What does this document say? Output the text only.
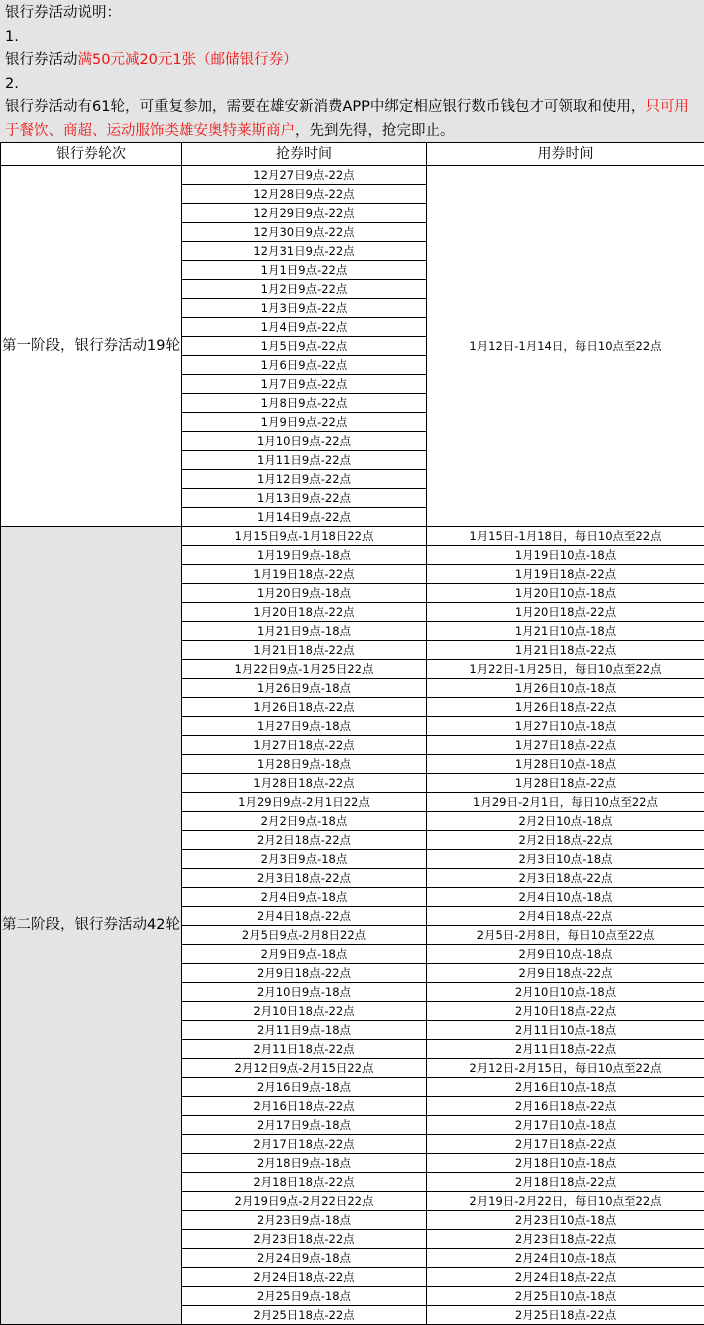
银行券活动说明：
1.
银行券活动满50元减20元1张（邮储银行券）
2.
银行券活动有61轮，可重复参加，需要在雄安新消费APP中绑定相应银行数币钱包才可领取和使用，只可用于餐饮、商超、运动服饰类雄安奥特莱斯商户，先到先得，抢完即止。
银行券轮次	抢券时间	用券时间
第一阶段，银行券活动19轮	12月27日9点-22点	1月12日-1月14日，每日10点至22点
	12月28日9点-22点	
	12月29日9点-22点	
	12月30日9点-22点	
	12月31日9点-22点	
	1月1日9点-22点	
	1月2日9点-22点	
	1月3日9点-22点	
	1月4日9点-22点	
	1月5日9点-22点	
	1月6日9点-22点	
	1月7日9点-22点	
	1月8日9点-22点	
	1月9日9点-22点	
	1月10日9点-22点	
	1月11日9点-22点	
	1月12日9点-22点	
	1月13日9点-22点	
	1月14日9点-22点	
第二阶段，银行券活动42轮	1月15日9点-1月18日22点	1月15日-1月18日，每日10点至22点
	1月19日9点-18点	1月19日10点-18点
	1月19日18点-22点	1月19日18点-22点
	1月20日9点-18点	1月20日10点-18点
	1月20日18点-22点	1月20日18点-22点
	1月21日9点-18点	1月21日10点-18点
	1月21日18点-22点	1月21日18点-22点
	1月22日9点-1月25日22点	1月22日-1月25日，每日10点至22点
	1月26日9点-18点	1月26日10点-18点
	1月26日18点-22点	1月26日18点-22点
	1月27日9点-18点	1月27日10点-18点
	1月27日18点-22点	1月27日18点-22点
	1月28日9点-18点	1月28日10点-18点
	1月28日18点-22点	1月28日18点-22点
	1月29日9点-2月1日22点	1月29日-2月1日，每日10点至22点
	2月2日9点-18点	2月2日10点-18点
	2月2日18点-22点	2月2日18点-22点
	2月3日9点-18点	2月3日10点-18点
	2月3日18点-22点	2月3日18点-22点
	2月4日9点-18点	2月4日10点-18点
	2月4日18点-22点	2月4日18点-22点
	2月5日9点-2月8日22点	2月5日-2月8日，每日10点至22点
	2月9日9点-18点	2月9日10点-18点
	2月9日18点-22点	2月9日18点-22点
	2月10日9点-18点	2月10日10点-18点
	2月10日18点-22点	2月10日18点-22点
	2月11日9点-18点	2月11日10点-18点
	2月11日18点-22点	2月11日18点-22点
	2月12日9点-2月15日22点	2月12日-2月15日，每日10点至22点
	2月16日9点-18点	2月16日10点-18点
	2月16日18点-22点	2月16日18点-22点
	2月17日9点-18点	2月17日10点-18点
	2月17日18点-22点	2月17日18点-22点
	2月18日9点-18点	2月18日10点-18点
	2月18日18点-22点	2月18日18点-22点
	2月19日9点-2月22日22点	2月19日-2月22日，每日10点至22点
	2月23日9点-18点	2月23日10点-18点
	2月23日18点-22点	2月23日18点-22点
	2月24日9点-18点	2月24日10点-18点
	2月24日18点-22点	2月24日18点-22点
	2月25日9点-18点	2月25日10点-18点
	2月25日18点-22点	2月25日18点-22点
